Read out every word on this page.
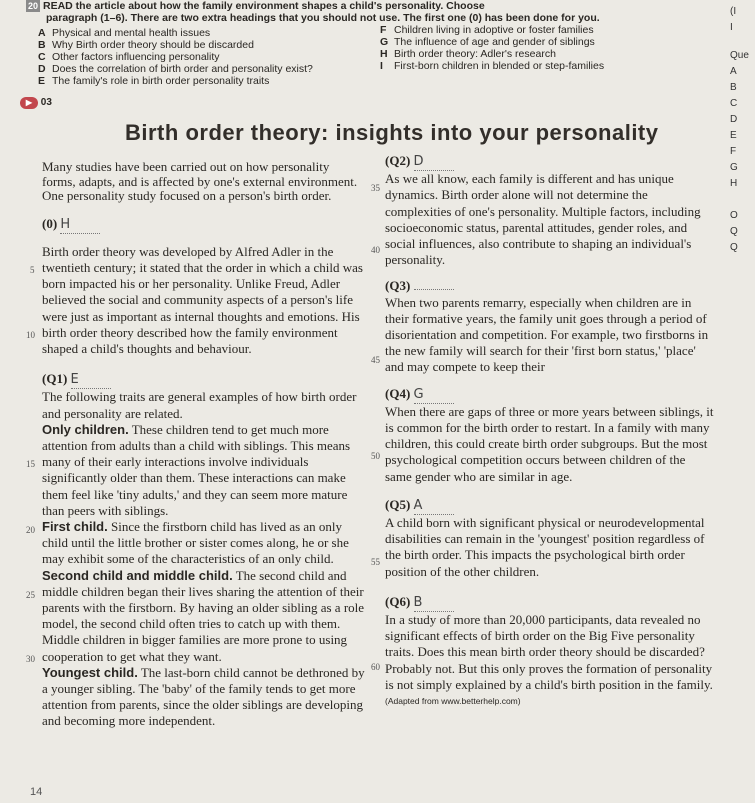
20 READ the article about how the family environment shapes a child's personality. Choose
paragraph (1–6). There are two extra headings that you should not use. The first one (0) has been done for you.
A Physical and mental health issues
B Why Birth order theory should be discarded
C Other factors influencing personality
D Does the correlation of birth order and personality exist?
E The family's role in birth order personality traits
F Children living in adoptive or foster families
G The influence of age and gender of siblings
H Birth order theory: Adler's research
I First-born children in blended or step-families
▶ 03
Birth order theory: insights into your personality

Many studies have been carried out on how personality forms, adapts, and is affected by one's external environment. One personality study focused on a person's birth order.

(0) H

Birth order theory was developed by Alfred Adler in the twentieth century; it stated that the order in which a child was born impacted his or her personality. Unlike Freud, Adler believed the social and community aspects of a person's life were just as important as internal thoughts and emotions. His birth order theory described how the family environment shaped a child's thoughts and behaviour.

(Q1) E

The following traits are general examples of how birth order and personality are related.

Only children. These children tend to get much more attention from adults than a child with siblings. This means many of their early interactions involve individuals significantly older than them. These interactions can make them feel like 'tiny adults,' and they can seem more mature than peers with siblings.

First child. Since the firstborn child has lived as an only child until the little brother or sister comes along, he or she may exhibit some of the characteristics of an only child.

Second child and middle child. The second child and middle children began their lives sharing the attention of their parents with the firstborn. By having an older sibling as a role model, the second child often tries to catch up with them. Middle children in bigger families are more prone to using cooperation to get what they want.

Youngest child. The last-born child cannot be dethroned by a younger sibling. The 'baby' of the family tends to get more attention from parents, since the older siblings are developing and becoming more independent.

5
10
15
20
25
30
35
40
45
50
55
60

(Q2) D

As we all know, each family is different and has unique dynamics. Birth order alone will not determine the complexities of one's personality. Multiple factors, including socioeconomic status, parental attitudes, gender roles, and social influences, also contribute to shaping an individual's personality.

(Q3)

When two parents remarry, especially when children are in their formative years, the family unit goes through a period of disorientation and competition. For example, two firstborns in the new family will search for their 'first born status,' 'place' and may compete to keep their

(Q4) G

When there are gaps of three or more years between siblings, it is common for the birth order to restart. In a family with many children, this could create birth order subgroups. But the most psychological competition occurs between children of the same gender who are similar in age.

(Q5) A

A child born with significant physical or neurodevelopmental disabilities can remain in the 'youngest' position regardless of the birth order. This impacts the psychological birth order position of the other children.

(Q6) B

In a study of more than 20,000 participants, data revealed no significant effects of birth order on the Big Five personality traits. Does this mean birth order theory should be discarded? Probably not. But this only proves the formation of personality is not simply explained by a child's birth position in the family.

(Adapted from www.betterhelp.com)

(I
I
Que
A
B
C
D
E
F
G
H
O
Q
Q
14
